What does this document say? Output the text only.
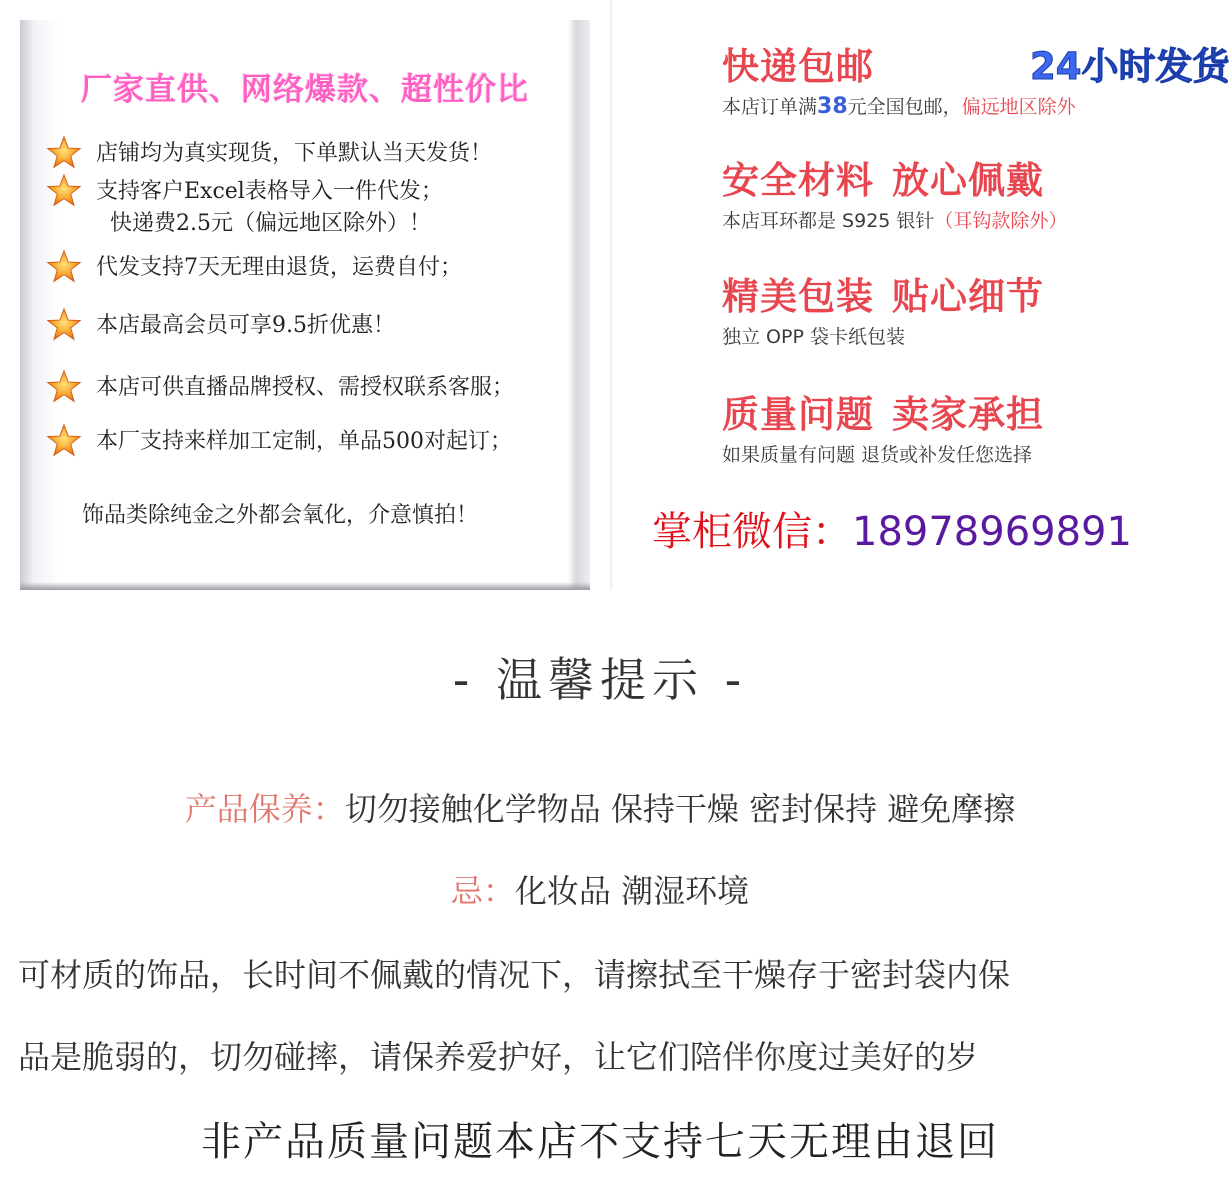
厂家直供、网络爆款、超性价比
店铺均为真实现货，下单默认当天发货！
支持客户Excel表格导入一件代发；
快递费2.5元（偏远地区除外）！
代发支持7天无理由退货，运费自付；
本店最高会员可享9.5折优惠！
本店可供直播品牌授权、需授权联系客服；
本厂支持来样加工定制，单品500对起订；
饰品类除纯金之外都会氧化，介意慎拍！
快递包邮	24小时发货
本店订单满38元全国包邮，偏远地区除外
安全材料 放心佩戴
本店耳环都是 S925 银针（耳钩款除外）
精美包装 贴心细节
独立 OPP 袋卡纸包装
质量问题 卖家承担
如果质量有问题 退货或补发任您选择
掌柜微信：18978969891
- 温馨提示 -
产品保养：切勿接触化学物品 保持干燥 密封保持 避免摩擦
忌：化妆品 潮湿环境
可材质的饰品，长时间不佩戴的情况下，请擦拭至干燥存于密封袋内保
品是脆弱的，切勿碰摔，请保养爱护好，让它们陪伴你度过美好的岁
非产品质量问题本店不支持七天无理由退回
